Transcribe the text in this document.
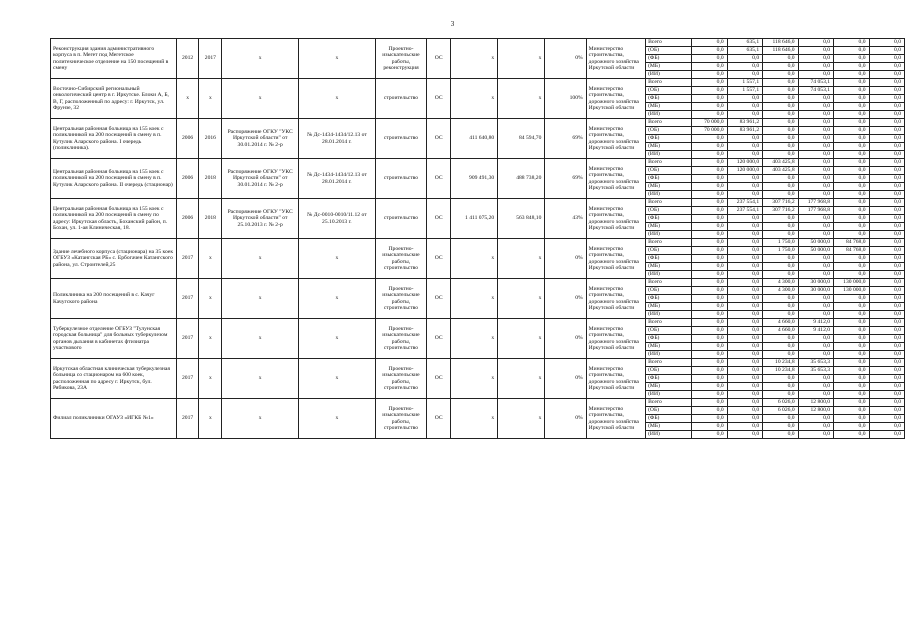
3
Реконструкция здания административного корпуса в п. Мегет под Мегетское политехническое отделение на 150 посещений в смену	2012	2017	х	х	Проектно-изыскательские работы, реконструкция	ОС	х	х	0%	Министерство строительства, дорожного хозяйства Иркутской области	Всего	0,0	635,1	118 646,0	0,0	0,0	0,0
											(ОБ)	0,0	635,1	118 646,0	0,0	0,0	0,0
											(ФБ)	0,0	0,0	0,0	0,0	0,0	0,0
											(МБ)	0,0	0,0	0,0	0,0	0,0	0,0
											(ИИ)	0,0	0,0	0,0	0,0	0,0	0,0
Восточно-Сибирский региональный онкологический центр в г. Иркутске. Блоки А, Б, В, Г, расположенный по адресу: г. Иркутск, ул. Фрунзе, 32	х	х	х	х	строительство	ОС	х	х	100%	Министерство строительства, дорожного хозяйства Иркутской области	Всего	0,0	1 557,1	0,0	74 053,1	0,0	0,0
											(ОБ)	0,0	1 557,1	0,0	74 053,1	0,0	0,0
											(ФБ)	0,0	0,0	0,0	0,0	0,0	0,0
											(МБ)	0,0	0,0	0,0	0,0	0,0	0,0
											(ИИ)	0,0	0,0	0,0	0,0	0,0	0,0
Центральная районная больница на 155 коек с поликлиникой на 200 посещений в смену в п. Кутулик Аларского района. I очередь (поликлиника).	2006	2016	Распоряжение ОГКУ "УКС Иркутской области" от 30.01.2014 г. № 2-р	№ Дс-1434-1434/12.13 от 28.01.2014 г.	строительство	ОС	411 640,80	84 594,70	69%	Министерство строительства, дорожного хозяйства Иркутской области	Всего	70 000,0	83 961,2	0,0	0,0	0,0	0,0
											(ОБ)	70 000,0	83 961,2	0,0	0,0	0,0	0,0
											(ФБ)	0,0	0,0	0,0	0,0	0,0	0,0
											(МБ)	0,0	0,0	0,0	0,0	0,0	0,0
											(ИИ)	0,0	0,0	0,0	0,0	0,0	0,0
Центральная районная больница на 155 коек с поликлиникой на 200 посещений в смену в п. Кутулик Аларского района. II очередь (стационар)	2006	2018	Распоряжение ОГКУ "УКС Иркутской области" от 30.01.2014 г. № 2-р	№ Дс-1434-1434/12.13 от 28.01.2014 г.	строительство	ОС	909 491,30	488 738,20	69%	Министерство строительства, дорожного хозяйства Иркутской области	Всего	0,0	120 000,0	403 425,8	0,0	0,0	0,0
											(ОБ)	0,0	120 000,0	403 425,8	0,0	0,0	0,0
											(ФБ)	0,0	0,0	0,0	0,0	0,0	0,0
											(МБ)	0,0	0,0	0,0	0,0	0,0	0,0
											(ИИ)	0,0	0,0	0,0	0,0	0,0	0,0
Центральная районная больница на 155 коек с поликлиникой на 200 посещений в смену по адресу: Иркутская область, Боханский район, п. Бохан, ул. 1-ая Клиническая, 18.	2006	2018	Распоряжение ОГКУ "УКС Иркутской области" от 25.10.2013 г. № 2-р	№ Дс-0010-0010/11.12 от 25.10.2013 г.	строительство	ОС	1 411 075,20	563 848,10	43%	Министерство строительства, дорожного хозяйства Иркутской области	Всего	0,0	237 554,1	307 716,2	177 968,8	0,0	0,0
											(ОБ)	0,0	237 554,1	307 716,2	177 968,8	0,0	0,0
											(ФБ)	0,0	0,0	0,0	0,0	0,0	0,0
											(МБ)	0,0	0,0	0,0	0,0	0,0	0,0
											(ИИ)	0,0	0,0	0,0	0,0	0,0	0,0
Здание лечебного корпуса (стационара) на 35 коек ОГБУЗ «Катангская РБ» с. Ербогачен Катангского района, ул. Строителей,25	2017	х	х	х	Проектно-изыскательские работы, строительство	ОС	х	х	0%	Министерство строительства, дорожного хозяйства Иркутской области	Всего	0,0	0,0	1 750,0	50 000,0	84 768,0	0,0
											(ОБ)	0,0	0,0	1 750,0	50 000,0	84 768,0	0,0
											(ФБ)	0,0	0,0	0,0	0,0	0,0	0,0
											(МБ)	0,0	0,0	0,0	0,0	0,0	0,0
											(ИИ)	0,0	0,0	0,0	0,0	0,0	0,0
Поликлиника на 200 посещений в с. Качуг Качугского района	2017	х	х	х	Проектно-изыскательские работы, строительство	ОС	х	х	0%	Министерство строительства, дорожного хозяйства Иркутской области	Всего	0,0	0,0	4 300,0	30 000,0	130 000,0	0,0
											(ОБ)	0,0	0,0	4 300,0	30 000,0	130 000,0	0,0
											(ФБ)	0,0	0,0	0,0	0,0	0,0	0,0
											(МБ)	0,0	0,0	0,0	0,0	0,0	0,0
											(ИИ)	0,0	0,0	0,0	0,0	0,0	0,0
Туберкулезное отделение ОГБУЗ "Тулунская городская больница" для больных туберкулезом органов дыхания в кабинетах фтизиатра участкового	2017	х	х	х	Проектно-изыскательские работы, строительство	ОС	х	х	0%	Министерство строительства, дорожного хозяйства Иркутской области	Всего	0,0	0,0	4 660,0	9 412,0	0,0	0,0
											(ОБ)	0,0	0,0	4 660,0	9 412,0	0,0	0,0
											(ФБ)	0,0	0,0	0,0	0,0	0,0	0,0
											(МБ)	0,0	0,0	0,0	0,0	0,0	0,0
											(ИИ)	0,0	0,0	0,0	0,0	0,0	0,0
Иркутская областная клиническая туберкулезная больница со стационаром на 600 коек, расположенная по адресу г. Иркутск, бул. Рябикова, 23А	2017	х	х	х	Проектно-изыскательские работы, строительство	ОС	х	х	0%	Министерство строительства, дорожного хозяйства Иркутской области	Всего	0,0	0,0	10 234,8	35 653,3	0,0	0,0
											(ОБ)	0,0	0,0	10 234,8	35 653,3	0,0	0,0
											(ФБ)	0,0	0,0	0,0	0,0	0,0	0,0
											(МБ)	0,0	0,0	0,0	0,0	0,0	0,0
											(ИИ)	0,0	0,0	0,0	0,0	0,0	0,0
Филиал поликлиники ОГАУЗ «ИГКБ №1»	2017	х	х	х	Проектно-изыскательские работы, строительство	ОС	х	х	0%	Министерство строительства, дорожного хозяйства Иркутской области	Всего	0,0	0,0	6 026,0	12 800,0	0,0	0,0
											(ОБ)	0,0	0,0	6 026,0	12 800,0	0,0	0,0
											(ФБ)	0,0	0,0	0,0	0,0	0,0	0,0
											(МБ)	0,0	0,0	0,0	0,0	0,0	0,0
											(ИИ)	0,0	0,0	0,0	0,0	0,0	0,0
